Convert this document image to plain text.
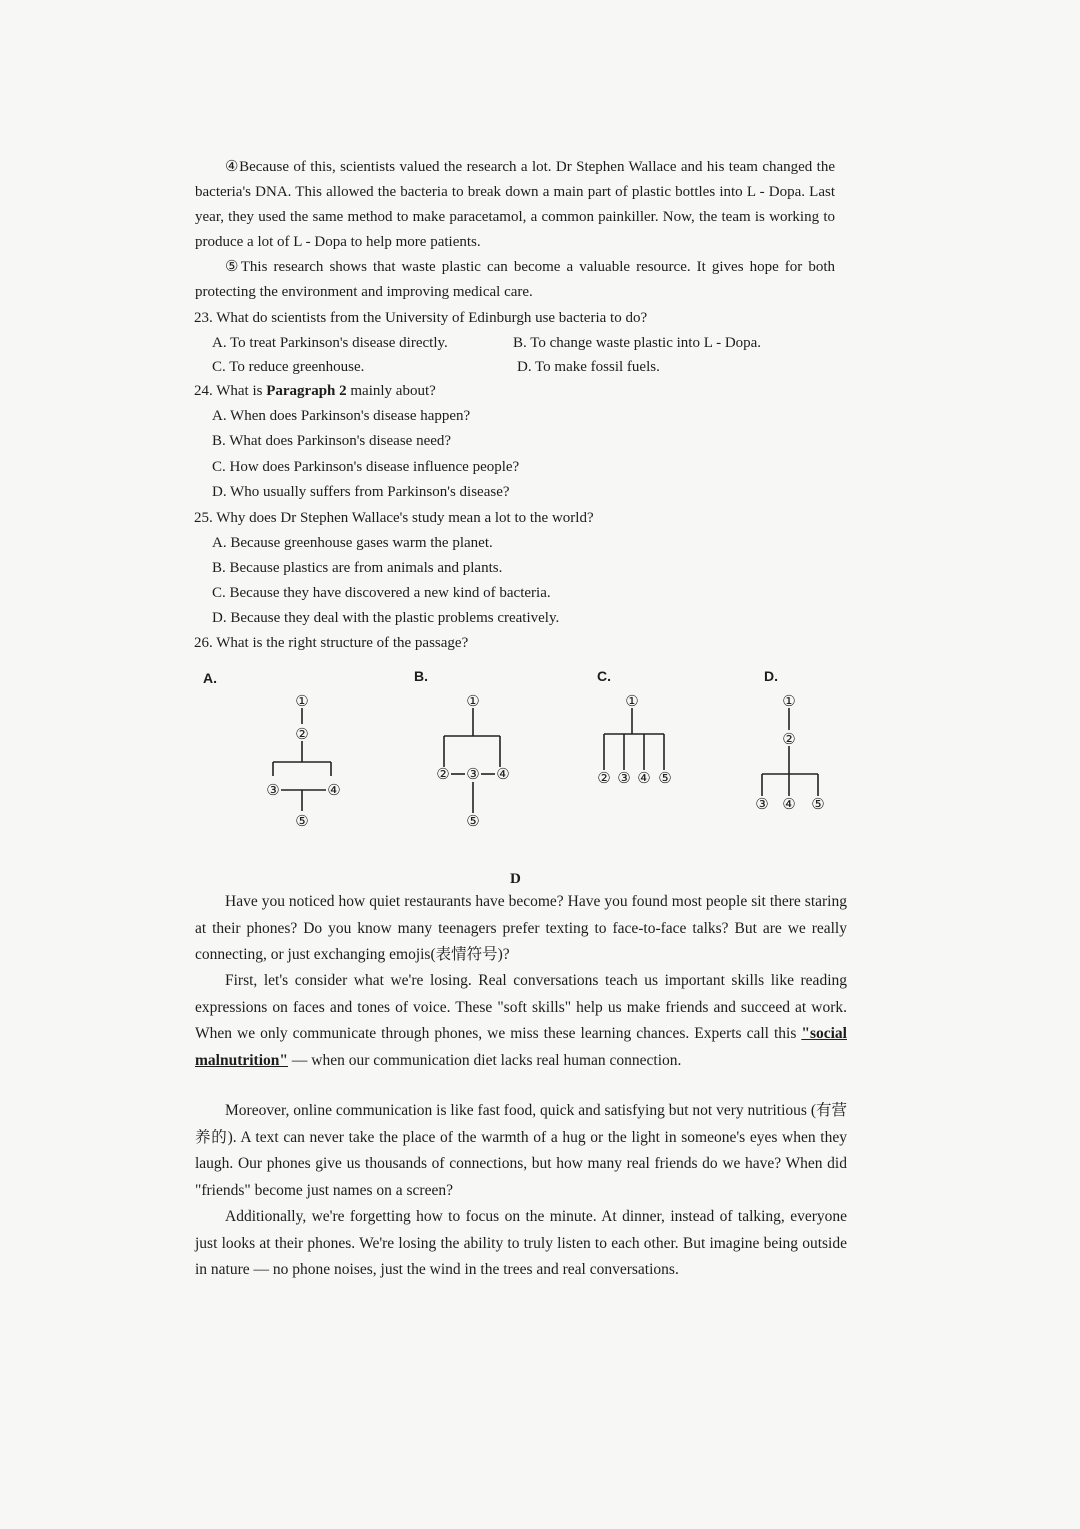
④Because of this, scientists valued the research a lot. Dr Stephen Wallace and his team changed the bacteria's DNA. This allowed the bacteria to break down a main part of plastic bottles into L - Dopa. Last year, they used the same method to make paracetamol, a common painkiller. Now, the team is working to produce a lot of L - Dopa to help more patients.

⑤This research shows that waste plastic can become a valuable resource. It gives hope for both protecting the environment and improving medical care.

23. What do scientists from the University of Edinburgh use bacteria to do?

A. To treat Parkinson's disease directly.	B. To change waste plastic into L - Dopa.

C. To reduce greenhouse.	D. To make fossil fuels.

24. What is Paragraph 2 mainly about?

A. When does Parkinson's disease happen?

B. What does Parkinson's disease need?

C. How does Parkinson's disease influence people?

D. Who usually suffers from Parkinson's disease?

25. Why does Dr Stephen Wallace's study mean a lot to the world?

A. Because greenhouse gases warm the planet.

B. Because plastics are from animals and plants.

C. Because they have discovered a new kind of bacteria.

D. Because they deal with the plastic problems creatively.

26. What is the right structure of the passage?

A.	B.	C.	D.
①
②
③	④
⑤
①
② ③ ④
⑤
①
② ③ ④ ⑤
①
②
③ ④ ⑤
D

Have you noticed how quiet restaurants have become? Have you found most people sit there staring at their phones? Do you know many teenagers prefer texting to face-to-face talks? But are we really connecting, or just exchanging emojis(表情符号)?

First, let's consider what we're losing. Real conversations teach us important skills like reading expressions on faces and tones of voice. These "soft skills" help us make friends and succeed at work. When we only communicate through phones, we miss these learning chances. Experts call this "social malnutrition" — when our communication diet lacks real human connection.

Moreover, online communication is like fast food, quick and satisfying but not very nutritious (有营养的). A text can never take the place of the warmth of a hug or the light in someone's eyes when they laugh. Our phones give us thousands of connections, but how many real friends do we have? When did "friends" become just names on a screen?

Additionally, we're forgetting how to focus on the minute. At dinner, instead of talking, everyone just looks at their phones. We're losing the ability to truly listen to each other. But imagine being outside in nature — no phone noises, just the wind in the trees and real conversations.
